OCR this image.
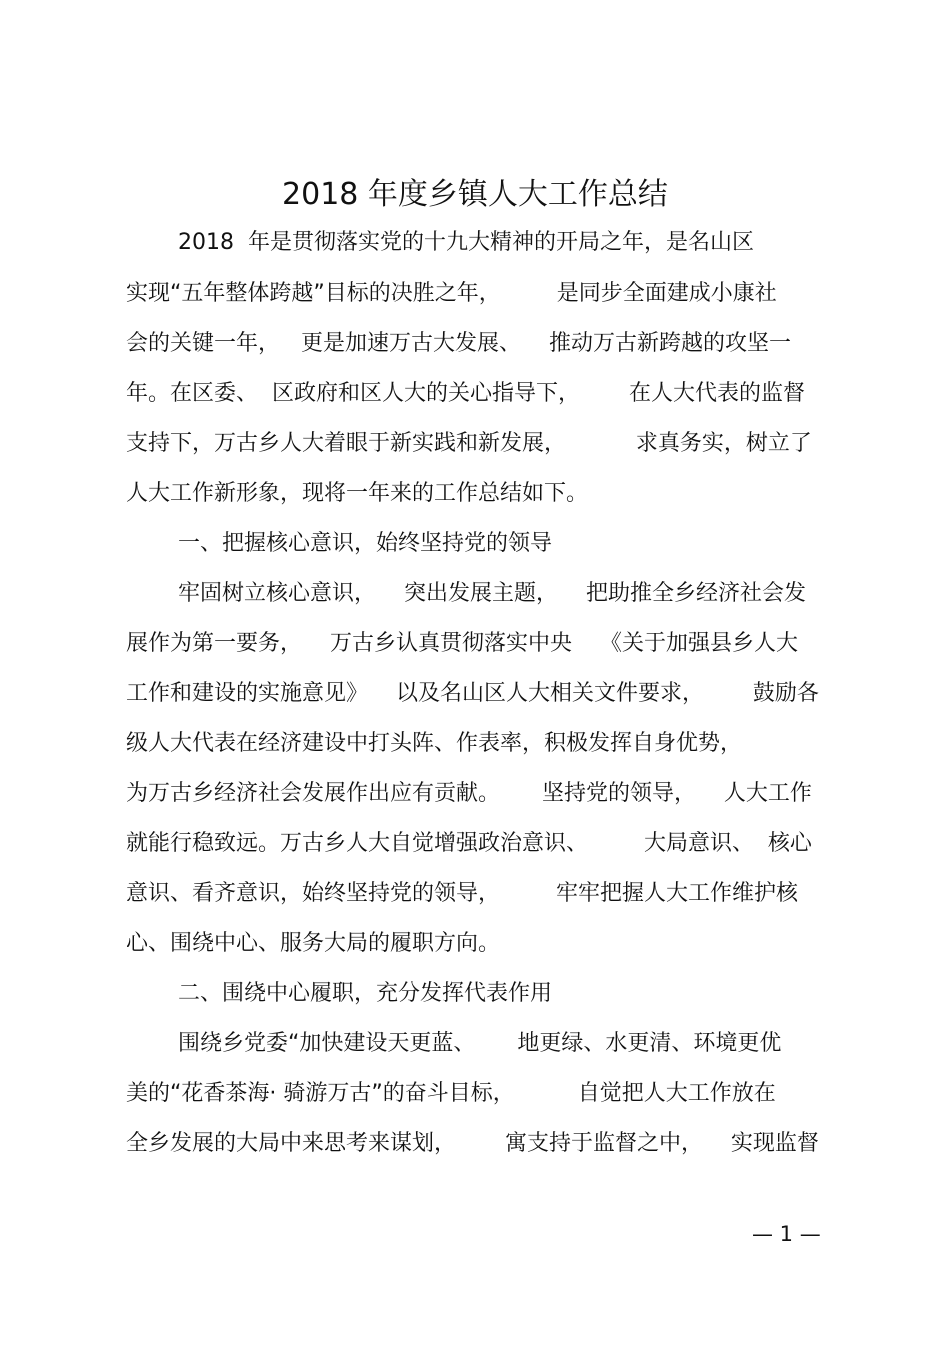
2018 年度乡镇人大工作总结
2018  年是贯彻落实党的十九大精神的开局之年，是名山区
实现“五年整体跨越”目标的决胜之年，        是同步全面建成小康社
会的关键一年，   更是加速万古大发展、    推动万古新跨越的攻坚一
年。在区委、  区政府和区人大的关心指导下，       在人大代表的监督
支持下，万古乡人大着眼于新实践和新发展，          求真务实，树立了
人大工作新形象，现将一年来的工作总结如下。
一、把握核心意识，始终坚持党的领导
牢固树立核心意识，    突出发展主题，    把助推全乡经济社会发
展作为第一要务，    万古乡认真贯彻落实中央    《关于加强县乡人大
工作和建设的实施意见》    以及名山区人大相关文件要求，       鼓励各
级人大代表在经济建设中打头阵、作表率，积极发挥自身优势，
为万古乡经济社会发展作出应有贡献。      坚持党的领导，    人大工作
就能行稳致远。万古乡人大自觉增强政治意识、        大局意识、  核心
意识、看齐意识，始终坚持党的领导，        牢牢把握人大工作维护核
心、围绕中心、服务大局的履职方向。
二、围绕中心履职，充分发挥代表作用
围绕乡党委“加快建设天更蓝、      地更绿、水更清、环境更优
美的“花香茶海· 骑游万古”的奋斗目标，         自觉把人大工作放在
全乡发展的大局中来思考来谋划，       寓支持于监督之中，    实现监督
— 1 —
